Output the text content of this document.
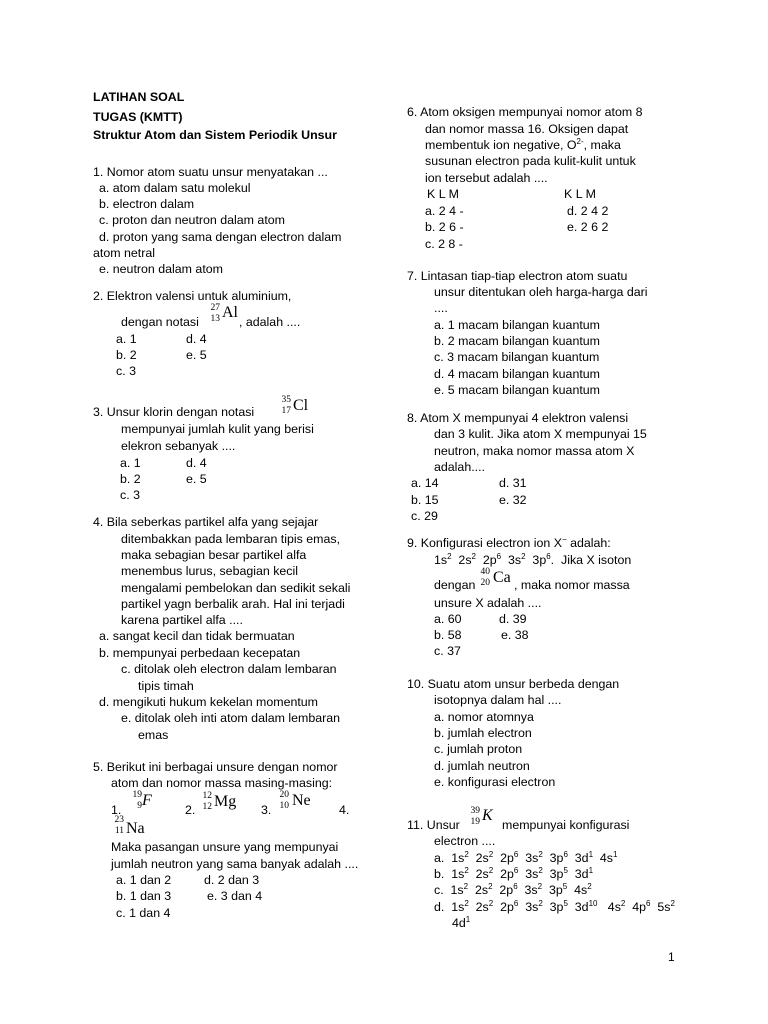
LATIHAN SOAL
TUGAS (KMTT)
Struktur Atom dan Sistem Periodik Unsur
1. Nomor atom suatu unsur menyatakan ...
a. atom dalam satu molekul
b. electron dalam
c. proton dan neutron dalam atom
d. proton yang sama dengan electron dalam
atom netral
e. neutron dalam atom
2. Elektron valensi untuk aluminium,
dengan notasi
27
13 Al
, adalah ....
a. 1	d. 4
b. 2	e. 5
c. 3
3. Unsur klorin dengan notasi
35
17 Cl
mempunyai jumlah kulit yang berisi
elekron sebanyak ....
a. 1	d. 4
b. 2	e. 5
c. 3
4. Bila seberkas partikel alfa yang sejajar
ditembakkan pada lembaran tipis emas,
maka sebagian besar partikel alfa
menembus lurus, sebagian kecil
mengalami pembelokan dan sedikit sekali
partikel yagn berbalik arah. Hal ini terjadi
karena partikel alfa ....
a. sangat kecil dan tidak bermuatan
b. mempunyai perbedaan kecepatan
c. ditolak oleh electron dalam lembaran
tipis timah
d. mengikuti hukum kekelan momentum
e. ditolak oleh inti atom dalam lembaran
emas
5. Berikut ini berbagai unsure dengan nomor
atom dan nomor massa masing-masing:
1.
19
9 F
2.
12
12 Mg 3.
20
10 Ne
4.
23
11 Na
Maka pasangan unsure yang mempunyai
jumlah neutron yang sama banyak adalah ....
a. 1 dan 2	d. 2 dan 3
b. 1 dan 3	e. 3 dan 4
c. 1 dan 4
6. Atom oksigen mempunyai nomor atom 8
dan nomor massa 16. Oksigen dapat
membentuk ion negative, $O^{2-}$, maka
susunan electron pada kulit-kulit untuk
ion tersebut adalah ....
K L M	K L M
a. 2 4 -	d. 2 4 2
b. 2 6 -	e. 2 6 2
c. 2 8 -
7. Lintasan tiap-tiap electron atom suatu
unsur ditentukan oleh harga-harga dari
....
a. 1 macam bilangan kuantum
b. 2 macam bilangan kuantum
c. 3 macam bilangan kuantum
d. 4 macam bilangan kuantum
e. 5 macam bilangan kuantum
8. Atom X mempunyai 4 elektron valensi
dan 3 kulit. Jika atom X mempunyai 15
neutron, maka nomor massa atom X
adalah....
a. 14	d. 31
b. 15	e. 32
c. 29
9. Konfigurasi electron ion X− adalah:
$1s^2$  $2s^2$  $2p^6$  $3s^2$  $3p^6$.  Jika X isoton
dengan
40
20 Ca , maka nomor massa
unsure X adalah ....
a. 60	d. 39
b. 58	e. 38
c. 37
10. Suatu atom unsur berbeda dengan
isotopnya dalam hal ....
a. nomor atomnya
b. jumlah electron
c. jumlah proton
d. jumlah neutron
e. konfigurasi electron
11. Unsur
39
19 K
mempunyai konfigurasi
electron ....
a.  $1s^2$  $2s^2$  $2p^6$  $3s^2$  $3p^6$  $3d^1$  $4s^1$
b.  $1s^2$  $2s^2$  $2p^6$  $3s^2$  $3p^5$  $3d^1$
c.  $1s^2$  $2s^2$  $2p^6$  $3s^2$  $3p^5$  $4s^2$
d.  $1s^2$  $2s^2$  $2p^6$  $3s^2$  $3p^5$  $3d^{10}$   $4s^2$  $4p^6$  $5s^2$
$4d^1$
1
